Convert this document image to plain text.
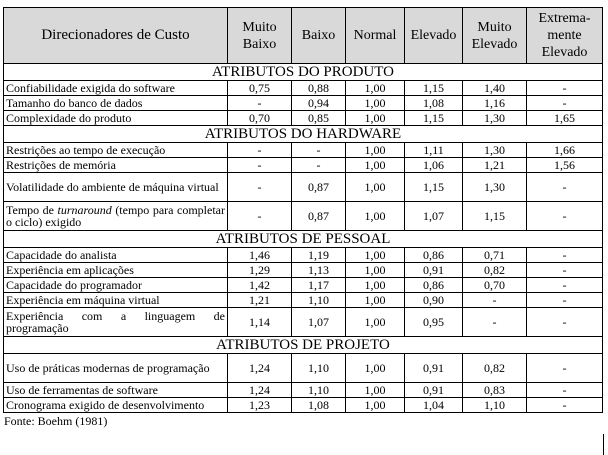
Direcionadores de Custo	Muito Baixo	Baixo	Normal	Elevado	Muito Elevado	Extrema- mente Elevado
ATRIBUTOS DO PRODUTO						
Confiabilidade exigida do software	0,75	0,88	1,00	1,15	1,40	-
Tamanho do banco de dados	-	0,94	1,00	1,08	1,16	-
Complexidade do produto	0,70	0,85	1,00	1,15	1,30	1,65
ATRIBUTOS DO HARDWARE						
Restrições ao tempo de execução	-	-	1,00	1,11	1,30	1,66
Restrições de memória	-	-	1,00	1,06	1,21	1,56
Volatilidade do ambiente de máquina virtual	-	0,87	1,00	1,15	1,30	-
Tempo de turnaround (tempo para completar o ciclo) exigido	-	0,87	1,00	1,07	1,15	-
ATRIBUTOS DE PESSOAL						
Capacidade do analista	1,46	1,19	1,00	0,86	0,71	-
Experiência em aplicações	1,29	1,13	1,00	0,91	0,82	-
Capacidade do programador	1,42	1,17	1,00	0,86	0,70	-
Experiência em máquina virtual	1,21	1,10	1,00	0,90	-	-
Experiência com a linguagem de programação	1,14	1,07	1,00	0,95	-	-
ATRIBUTOS DE PROJETO						
Uso de práticas modernas de programação	1,24	1,10	1,00	0,91	0,82	-
Uso de ferramentas de software	1,24	1,10	1,00	0,91	0,83	-
Cronograma exigido de desenvolvimento	1,23	1,08	1,00	1,04	1,10	-
Fonte: Boehm (1981)
